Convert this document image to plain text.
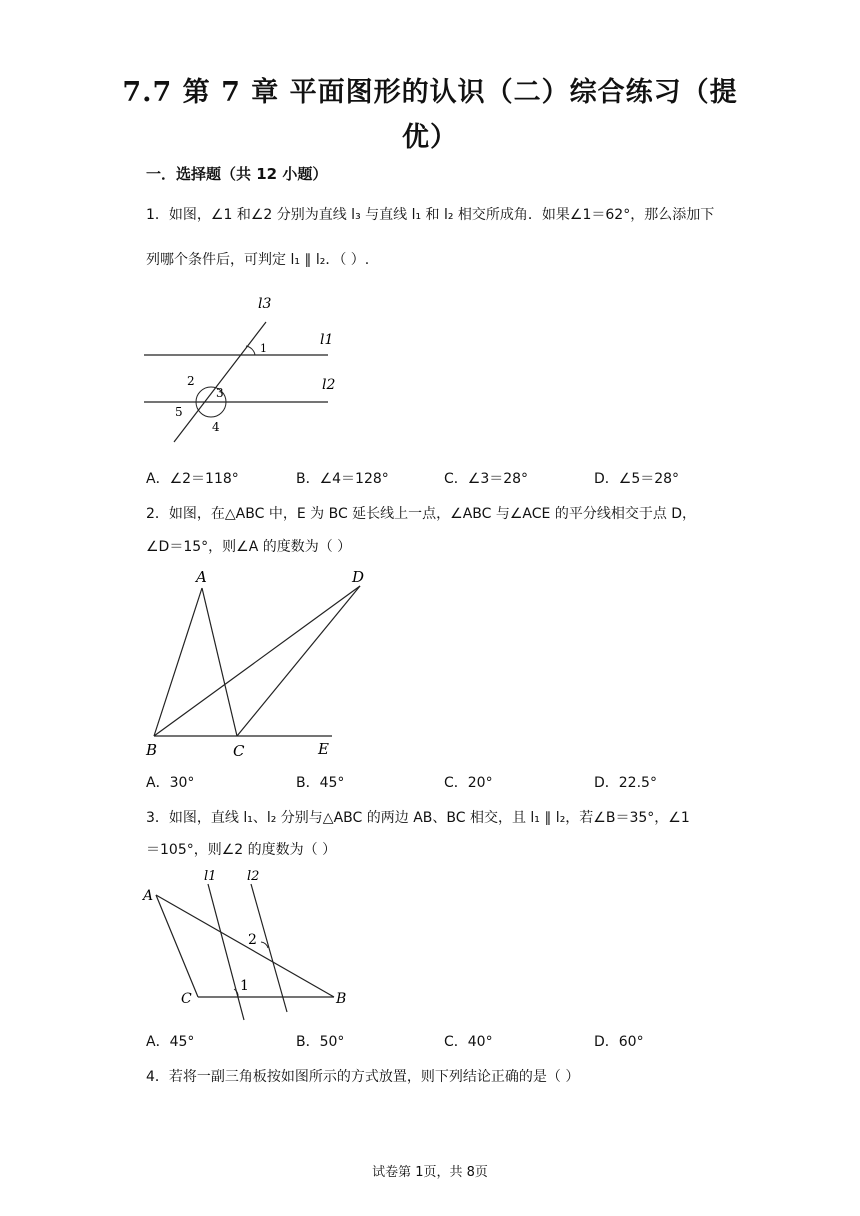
7.7 第 7 章 平面图形的认识（二）综合练习（提
优）
一．选择题（共 12 小题）
1．如图，∠1 和∠2 分别为直线 l₃ 与直线 l₁ 和 l₂ 相交所成角．如果∠1＝62°，那么添加下
列哪个条件后，可判定 l₁ ∥ l₂．（ ）.
l3
l1
l2
1
2
3
4
5
A．∠2＝118°	B．∠4＝128°	C．∠3＝28°	D．∠5＝28°
2．如图，在△ABC 中，E 为 BC 延长线上一点，∠ABC 与∠ACE 的平分线相交于点 D，
∠D＝15°，则∠A 的度数为（ ）
A
B	C
D
E
A．30°	B．45°	C．20°	D．22.5°
3．如图，直线 l₁、l₂ 分别与△ABC 的两边 AB、BC 相交，且 l₁ ∥ l₂，若∠B＝35°，∠1
＝105°，则∠2 的度数为（ ）
l1 l2
A
C	B
1
2
A．45°	B．50°	C．40°	D．60°
4．若将一副三角板按如图所示的方式放置，则下列结论正确的是（ ）
试卷第 1页，共 8页
